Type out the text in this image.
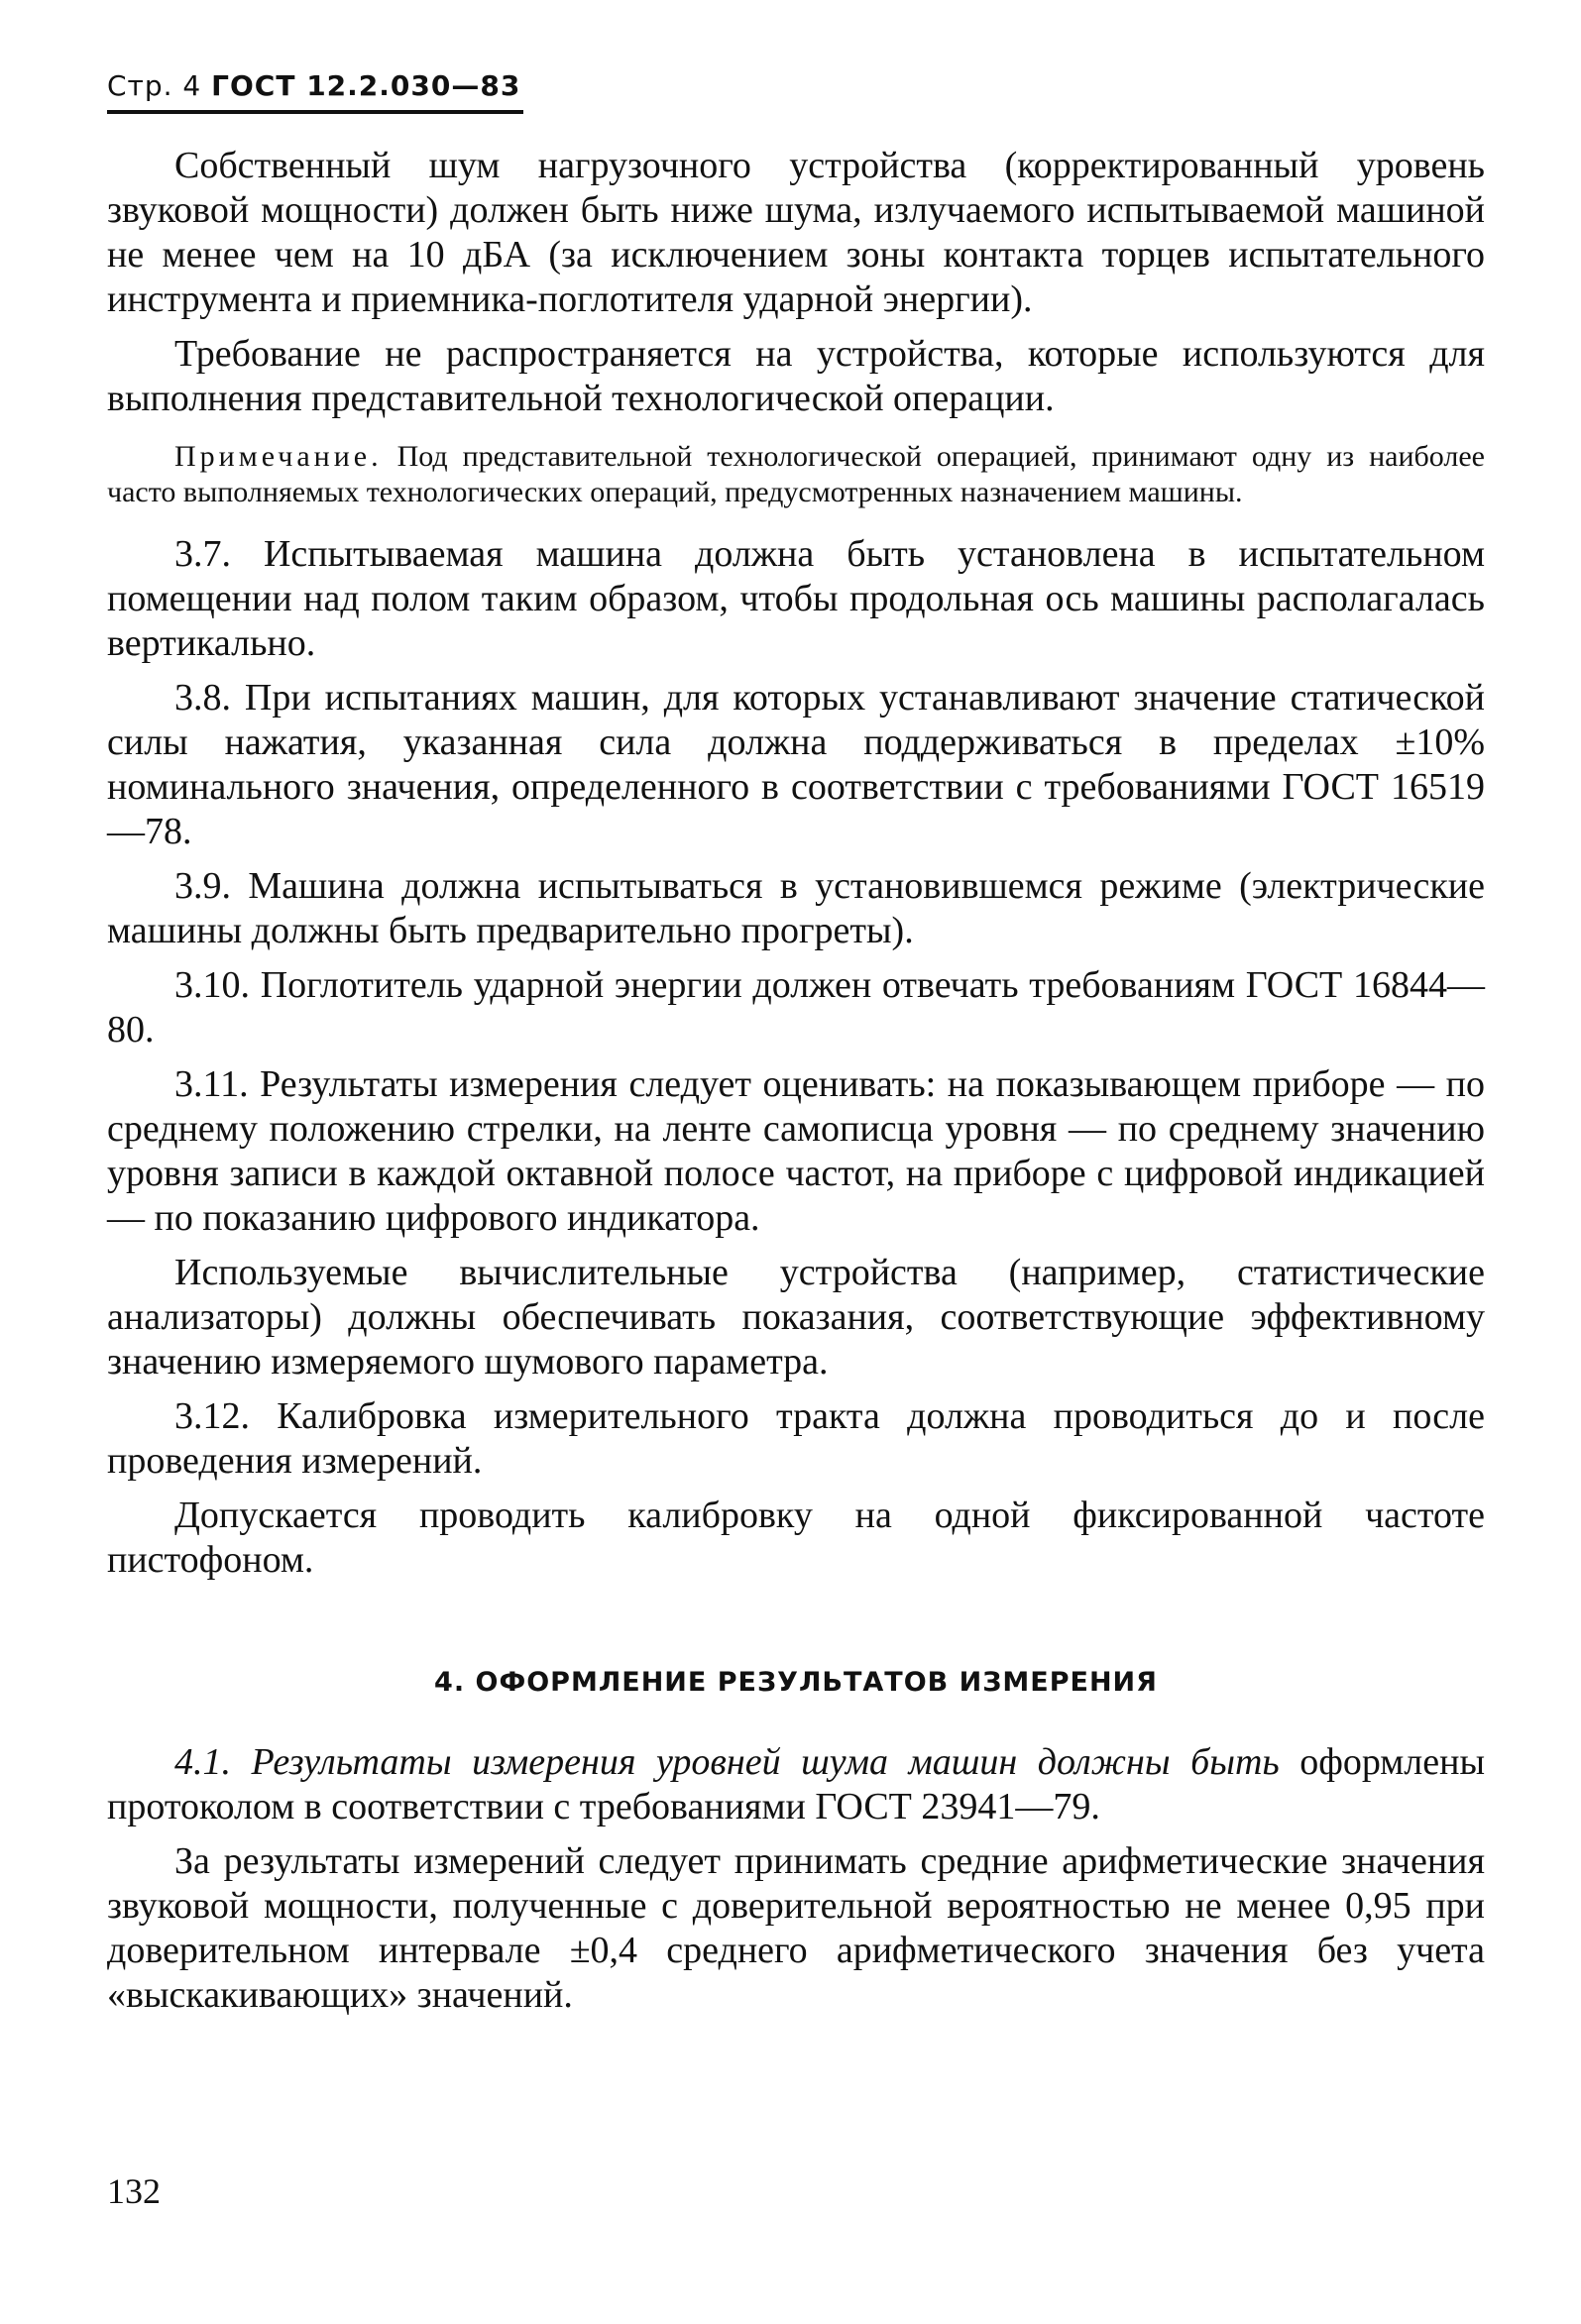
Стр. 4 ГОСТ 12.2.030—83

Собственный шум нагрузочного устройства (корректированный уровень звуковой мощности) должен быть ниже шума, излучаемого испытываемой машиной не менее чем на 10 дБА (за исключением зоны контакта торцев испытательного инструмента и приемника-поглотителя ударной энергии).

Требование не распространяется на устройства, которые используются для выполнения представительной технологической операции.

Примечание. Под представительной технологической операцией, принимают одну из наиболее часто выполняемых технологических операций, предусмотренных назначением машины.

3.7. Испытываемая машина должна быть установлена в испытательном помещении над полом таким образом, чтобы продольная ось машины располагалась вертикально.

3.8. При испытаниях машин, для которых устанавливают значение статической силы нажатия, указанная сила должна поддерживаться в пределах ±10% номинального значения, определенного в соответствии с требованиями ГОСТ 16519—78.

3.9. Машина должна испытываться в установившемся режиме (электрические машины должны быть предварительно прогреты).

3.10. Поглотитель ударной энергии должен отвечать требованиям ГОСТ 16844—80.

3.11. Результаты измерения следует оценивать: на показывающем приборе — по среднему положению стрелки, на ленте самописца уровня — по среднему значению уровня записи в каждой октавной полосе частот, на приборе с цифровой индикацией — по показанию цифрового индикатора.

Используемые вычислительные устройства (например, статистические анализаторы) должны обеспечивать показания, соответствующие эффективному значению измеряемого шумового параметра.

3.12. Калибровка измерительного тракта должна проводиться до и после проведения измерений.

Допускается проводить калибровку на одной фиксированной частоте пистофоном.

4. ОФОРМЛЕНИЕ РЕЗУЛЬТАТОВ ИЗМЕРЕНИЯ

4.1. Результаты измерения уровней шума машин должны быть оформлены протоколом в соответствии с требованиями ГОСТ 23941—79.

За результаты измерений следует принимать средние арифметические значения звуковой мощности, полученные с доверительной вероятностью не менее 0,95 при доверительном интервале ±0,4 среднего арифметического значения без учета «выскакивающих» значений.

132
